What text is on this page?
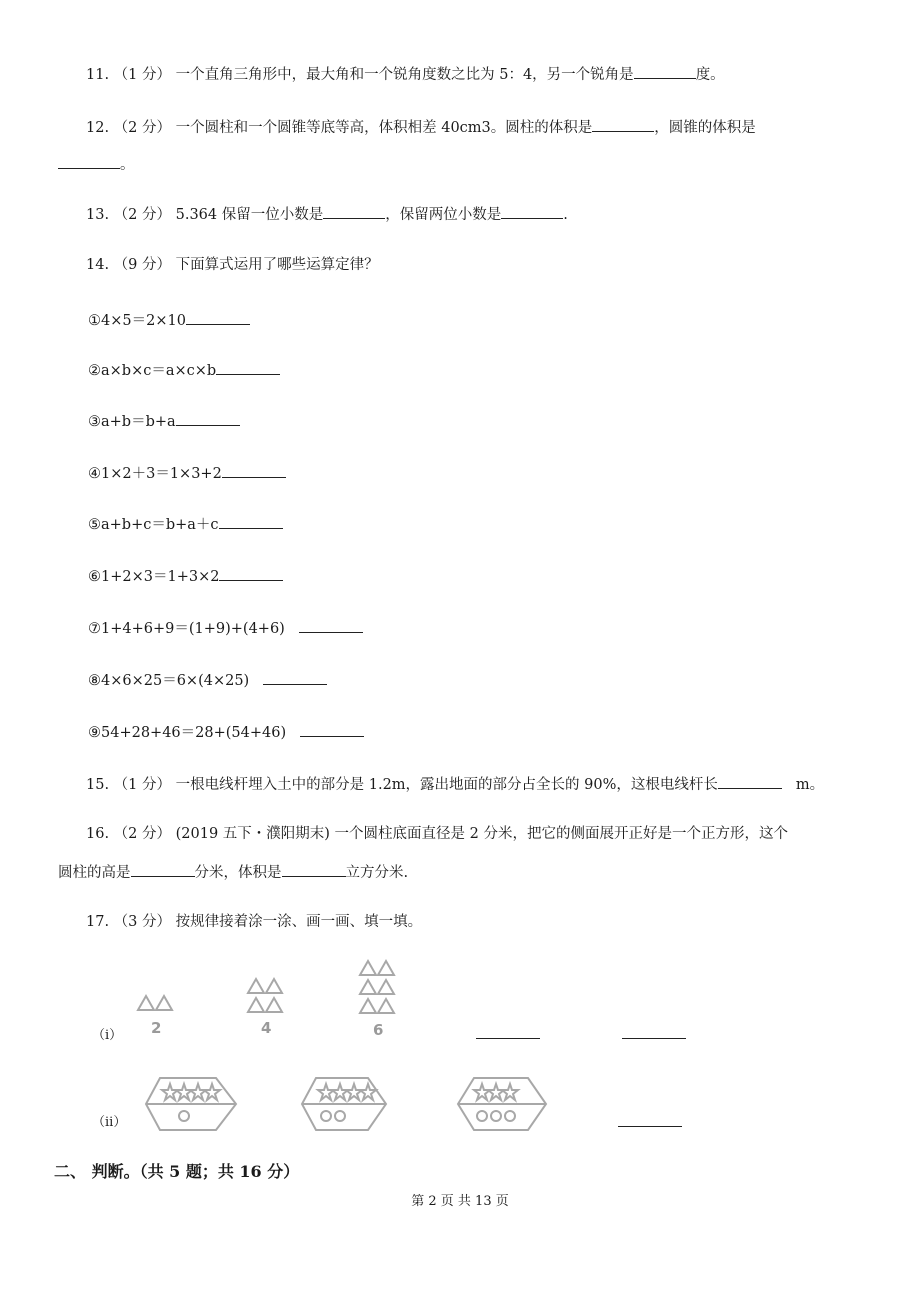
11. （1 分） 一个直角三角形中，最大角和一个锐角度数之比为 5：4，另一个锐角是	度。
12. （2 分） 一个圆柱和一个圆锥等底等高，体积相差 40cm3。圆柱的体积是	，圆锥的体积是
。
13. （2 分） 5.364 保留一位小数是	，保留两位小数是	.
14. （9 分） 下面算式运用了哪些运算定律？
①4×5＝2×10
②a×b×c＝a×c×b
③a+b＝b+a
④1×2＋3＝1×3+2
⑤a+b+c＝b+a＋c
⑥1+2×3＝1+3×2
⑦1+4+6+9＝(1+9)+(4+6)
⑧4×6×25＝6×(4×25)
⑨54+28+46＝28+(54+46)
15. （1 分） 一根电线杆埋入土中的部分是 1.2m，露出地面的部分占全长的 90%，这根电线杆长	m。
16. （2 分） (2019 五下・濮阳期末) 一个圆柱底面直径是 2 分米，把它的侧面展开正好是一个正方形，这个
圆柱的高是	分米，体积是	立方分米.
17. （3 分） 按规律接着涂一涂、画一画、填一填。
（i） 2	4	6
（ii）
二、 判断。（共 5 题；共 16 分）
第 2 页 共 13 页
